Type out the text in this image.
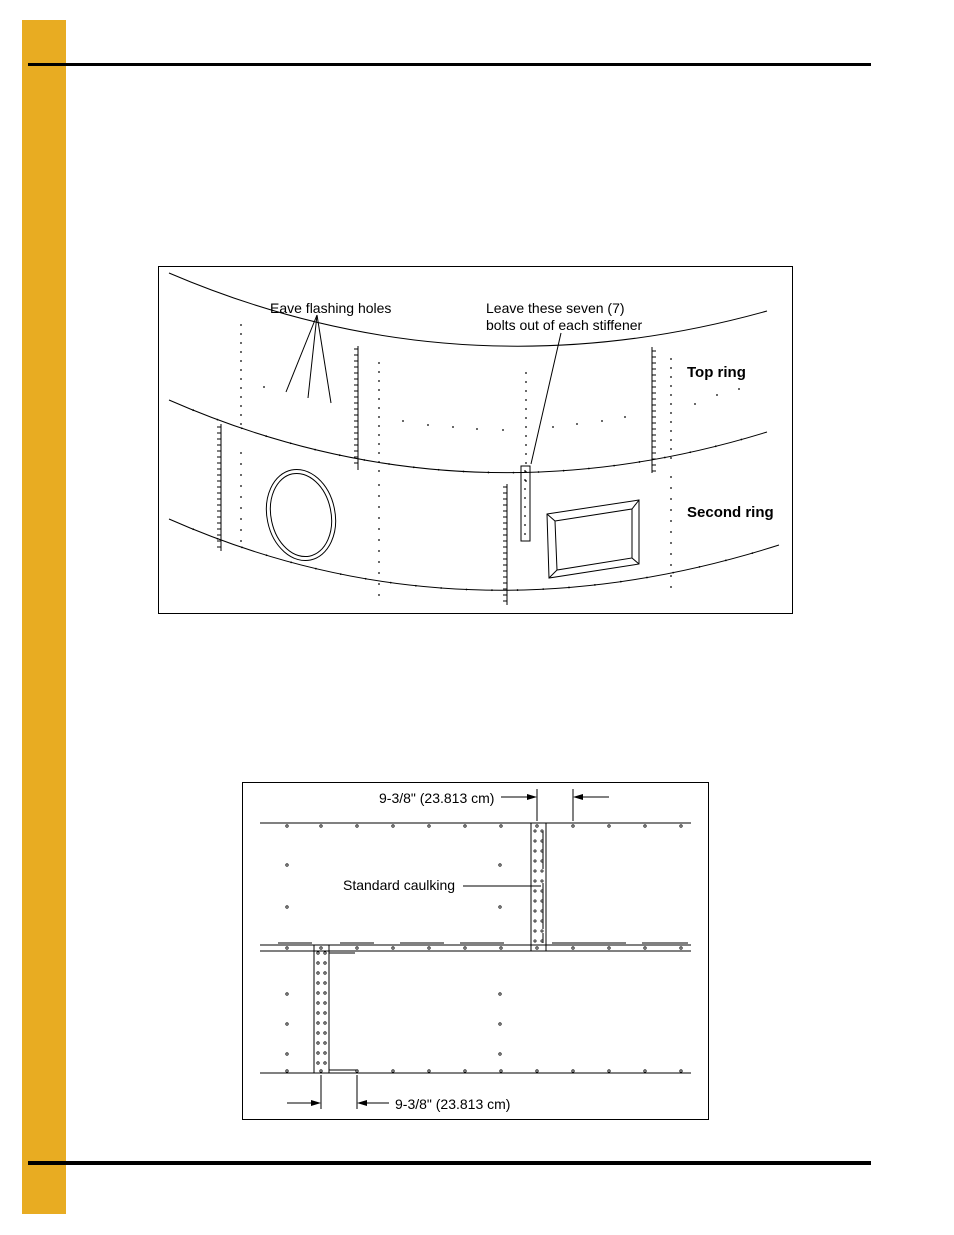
Eave flashing holes	Leave these seven (7)
bolts out of each stiffener
Top ring
Second ring
9-3/8" (23.813 cm)
Standard caulking
9-3/8" (23.813 cm)
